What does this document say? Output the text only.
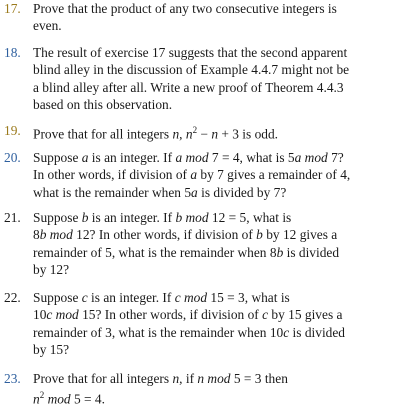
17. Prove that the product of any two consecutive integers is
even.
18. The result of exercise 17 suggests that the second apparent
blind alley in the discussion of Example 4.4.7 might not be
a blind alley after all. Write a new proof of Theorem 4.4.3
based on this observation.
19. Prove that for all integers n, $n^2 - n + 3$ is odd.
20. Suppose a is an integer. If a mod 7 = 4, what is 5a mod 7?
In other words, if division of a by 7 gives a remainder of 4,
what is the remainder when 5a is divided by 7?
21. Suppose b is an integer. If b mod 12 = 5, what is
8b mod 12? In other words, if division of b by 12 gives a
remainder of 5, what is the remainder when 8b is divided
by 12?
22. Suppose c is an integer. If c mod 15 = 3, what is
10c mod 15? In other words, if division of c by 15 gives a
remainder of 3, what is the remainder when 10c is divided
by 15?
23. Prove that for all integers n, if n mod 5 = 3 then
$n^2$ mod 5 = 4.
